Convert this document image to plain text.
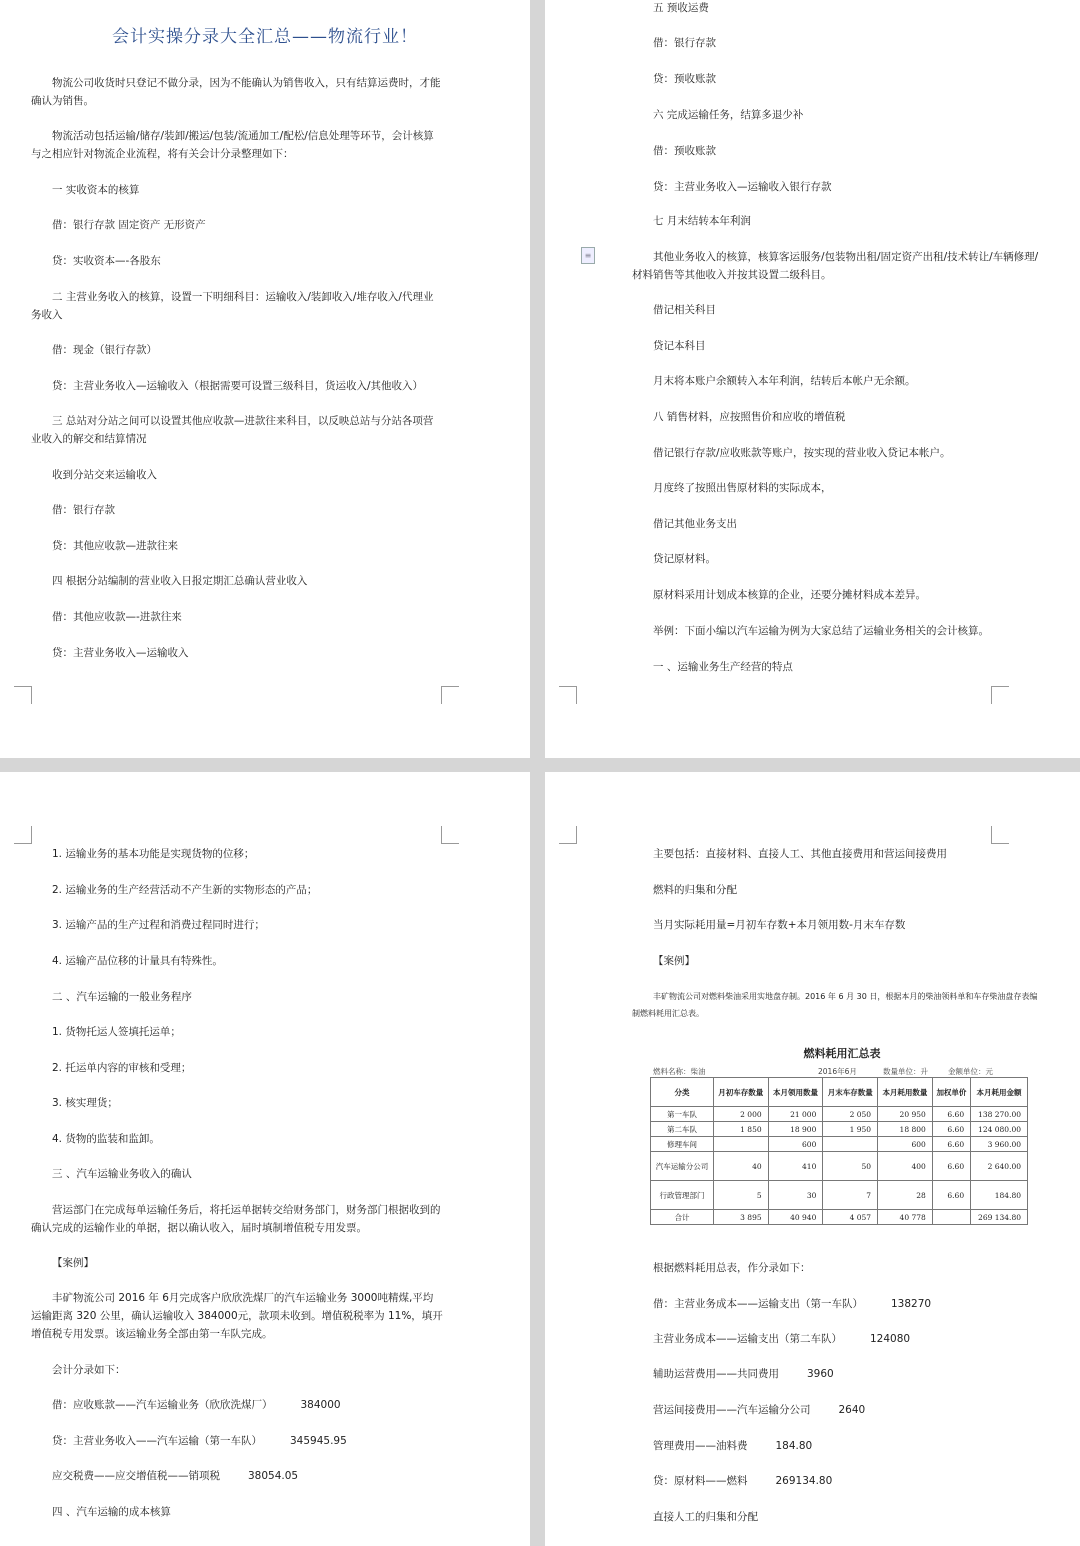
会计实操分录大全汇总——物流行业！
物流公司收货时只登记不做分录，因为不能确认为销售收入，只有结算运费时，才能确认为销售。
物流活动包括运输/储存/装卸/搬运/包装/流通加工/配松/信息处理等环节，会计核算与之相应针对物流企业流程，将有关会计分录整理如下：
一 实收资本的核算
借：银行存款 固定资产 无形资产
贷：实收资本—-各股东
二 主营业务收入的核算，设置一下明细科目：运输收入/装卸收入/堆存收入/代理业务收入
借：现金（银行存款）
贷：主营业务收入—运输收入（根据需要可设置三级科目，货运收入/其他收入）
三 总站对分站之间可以设置其他应收款—进款往来科目，以反映总站与分站各项营业收入的解交和结算情况
收到分站交来运输收入
借：银行存款
贷：其他应收款—进款往来
四 根据分站编制的营业收入日报定期汇总确认营业收入
借：其他应收款—-进款往来
贷：主营业务收入—运输收入
≡
五 预收运费
借：银行存款
贷：预收账款
六 完成运输任务，结算多退少补
借：预收账款
贷：主营业务收入—运输收入银行存款
七 月末结转本年利润
其他业务收入的核算，核算客运服务/包装物出租/固定资产出租/技术转让/车辆修理/材料销售等其他收入并按其设置二级科目。
借记相关科目
贷记本科目
月末将本账户余额转入本年利润，结转后本帐户无余额。
八 销售材料，应按照售价和应收的增值税
借记银行存款/应收账款等账户，按实现的营业收入贷记本帐户。
月度终了按照出售原材料的实际成本，
借记其他业务支出
贷记原材料。
原材料采用计划成本核算的企业，还要分摊材料成本差异。
举例：下面小编以汽车运输为例为大家总结了运输业务相关的会计核算。
一 、运输业务生产经营的特点
1. 运输业务的基本功能是实现货物的位移；
2. 运输业务的生产经营活动不产生新的实物形态的产品；
3. 运输产品的生产过程和消费过程同时进行；
4. 运输产品位移的计量具有特殊性。
二 、汽车运输的一般业务程序
1. 货物托运人签填托运单；
2. 托运单内容的审核和受理；
3. 核实理货；
4. 货物的监装和监卸。
三 、汽车运输业务收入的确认
营运部门在完成每单运输任务后，将托运单据转交给财务部门，财务部门根据收到的确认完成的运输作业的单据，据以确认收入，届时填制增值税专用发票。
【案例】
丰矿物流公司 2016 年 6月完成客户欣欣洗煤厂的汽车运输业务 3000吨精煤,平均运输距离 320 公里，确认运输收入 384000元，款项未收到。增值税税率为 11%，填开增值税专用发票。该运输业务全部由第一车队完成。
会计分录如下：
借：应收账款——汽车运输业务（欣欣洗煤厂）	384000
贷：主营业务收入——汽车运输（第一车队）	345945.95
应交税费——应交增值税——销项税	38054.05
四 、汽车运输的成本核算
燃料耗用汇总表
燃料名称：柴油	2016年6月	数量单位：升	金额单位：元
分类	月初车存数量	本月领用数量	月末车存数量	本月耗用数量	加权单价	本月耗用金额
第一车队	2 000	21 000	2 050	20 950	6.60	138 270.00
第二车队	1 850	18 900	1 950	18 800	6.60	124 080.00
修理车间		600		600	6.60	3 960.00
汽车运输分公司	40	410	50	400	6.60	2 640.00
行政管理部门	5	30	7	28	6.60	184.80
合计	3 895	40 940	4 057	40 778		269 134.80
主要包括：直接材料、直接人工、其他直接费用和营运间接费用
燃料的归集和分配
当月实际耗用量=月初车存数+本月领用数-月末车存数
【案例】
丰矿物流公司对燃料柴油采用实地盘存制。2016 年 6 月 30 日，根据本月的柴油领料单和车存柴油盘存表编制燃料耗用汇总表。
根据燃料耗用总表，作分录如下：
借：主营业务成本——运输支出（第一车队）	138270
主营业务成本——运输支出（第二车队）	124080
辅助运营费用——共同费用	3960
营运间接费用——汽车运输分公司	2640
管理费用——油料费	184.80
贷：原材料——燃料	269134.80
直接人工的归集和分配
